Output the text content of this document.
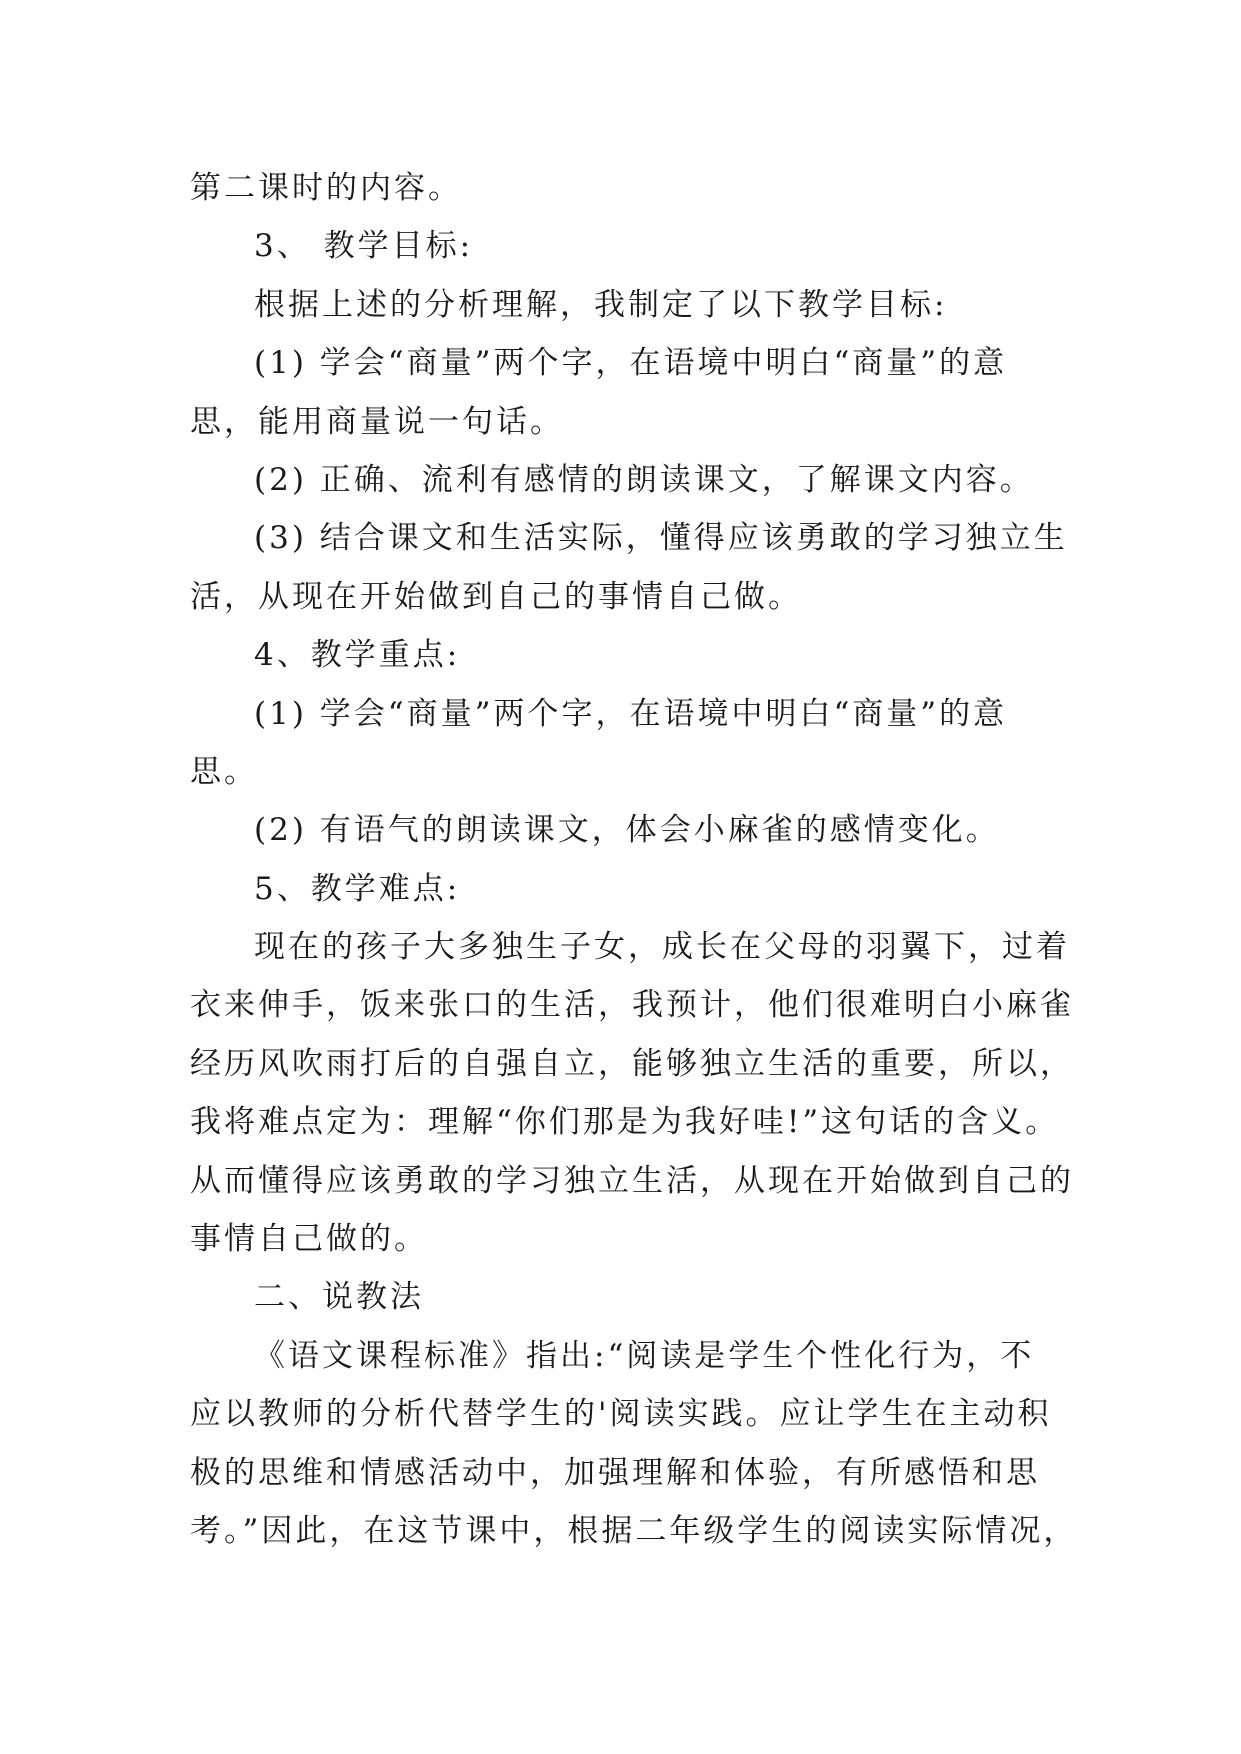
第二课时的内容。
3、 教学目标:
根据上述的分析理解，我制定了以下教学目标:
(1) 学会“商量”两个字，在语境中明白“商量”的意
思，能用商量说一句话。
(2) 正确、流利有感情的朗读课文，了解课文内容。
(3) 结合课文和生活实际，懂得应该勇敢的学习独立生
活，从现在开始做到自己的事情自己做。
4、教学重点:
(1) 学会“商量”两个字，在语境中明白“商量”的意
思。
(2) 有语气的朗读课文，体会小麻雀的感情变化。
5、教学难点:
现在的孩子大多独生子女，成长在父母的羽翼下，过着
衣来伸手，饭来张口的生活，我预计，他们很难明白小麻雀
经历风吹雨打后的自强自立，能够独立生活的重要，所以，
我将难点定为：理解“你们那是为我好哇!”这句话的含义。
从而懂得应该勇敢的学习独立生活，从现在开始做到自己的
事情自己做的。
二、说教法
《语文课程标准》指出:“阅读是学生个性化行为，不
应以教师的分析代替学生的'阅读实践。应让学生在主动积
极的思维和情感活动中，加强理解和体验，有所感悟和思
考。”因此，在这节课中，根据二年级学生的阅读实际情况，
